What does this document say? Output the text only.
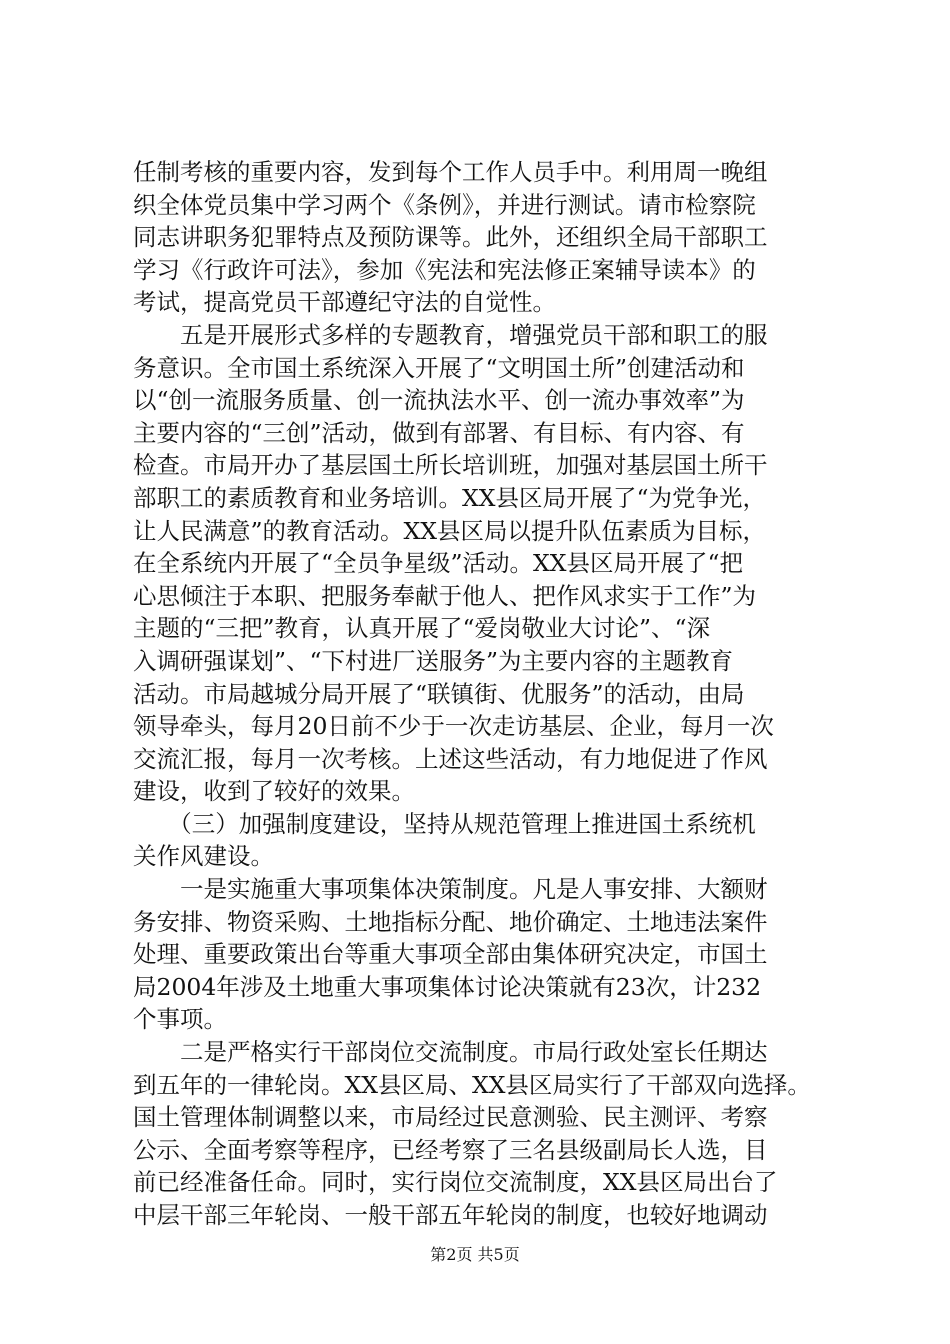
任制考核的重要内容，发到每个工作人员手中。利用周一晚组
织全体党员集中学习两个《条例》，并进行测试。请市检察院
同志讲职务犯罪特点及预防课等。此外，还组织全局干部职工
学习《行政许可法》，参加《宪法和宪法修正案辅导读本》的
考试，提高党员干部遵纪守法的自觉性。
　　五是开展形式多样的专题教育，增强党员干部和职工的服
务意识。全市国土系统深入开展了“文明国土所”创建活动和
以“创一流服务质量、创一流执法水平、创一流办事效率”为
主要内容的“三创”活动，做到有部署、有目标、有内容、有
检查。市局开办了基层国土所长培训班，加强对基层国土所干
部职工的素质教育和业务培训。XX县区局开展了“为党争光，
让人民满意”的教育活动。XX县区局以提升队伍素质为目标，
在全系统内开展了“全员争星级”活动。XX县区局开展了“把
心思倾注于本职、把服务奉献于他人、把作风求实于工作”为
主题的“三把”教育，认真开展了“爱岗敬业大讨论”、“深
入调研强谋划”、“下村进厂送服务”为主要内容的主题教育
活动。市局越城分局开展了“联镇街、优服务”的活动，由局
领导牵头，每月20日前不少于一次走访基层、企业，每月一次
交流汇报，每月一次考核。上述这些活动，有力地促进了作风
建设，收到了较好的效果。
　　（三）加强制度建设，坚持从规范管理上推进国土系统机
关作风建设。
　　一是实施重大事项集体决策制度。凡是人事安排、大额财
务安排、物资采购、土地指标分配、地价确定、土地违法案件
处理、重要政策出台等重大事项全部由集体研究决定，市国土
局2004年涉及土地重大事项集体讨论决策就有23次，计232
个事项。
　　二是严格实行干部岗位交流制度。市局行政处室长任期达
到五年的一律轮岗。XX县区局、XX县区局实行了干部双向选择。
国土管理体制调整以来，市局经过民意测验、民主测评、考察
公示、全面考察等程序，已经考察了三名县级副局长人选，目
前已经准备任命。同时，实行岗位交流制度，XX县区局出台了
中层干部三年轮岗、一般干部五年轮岗的制度，也较好地调动
第2页 共5页
